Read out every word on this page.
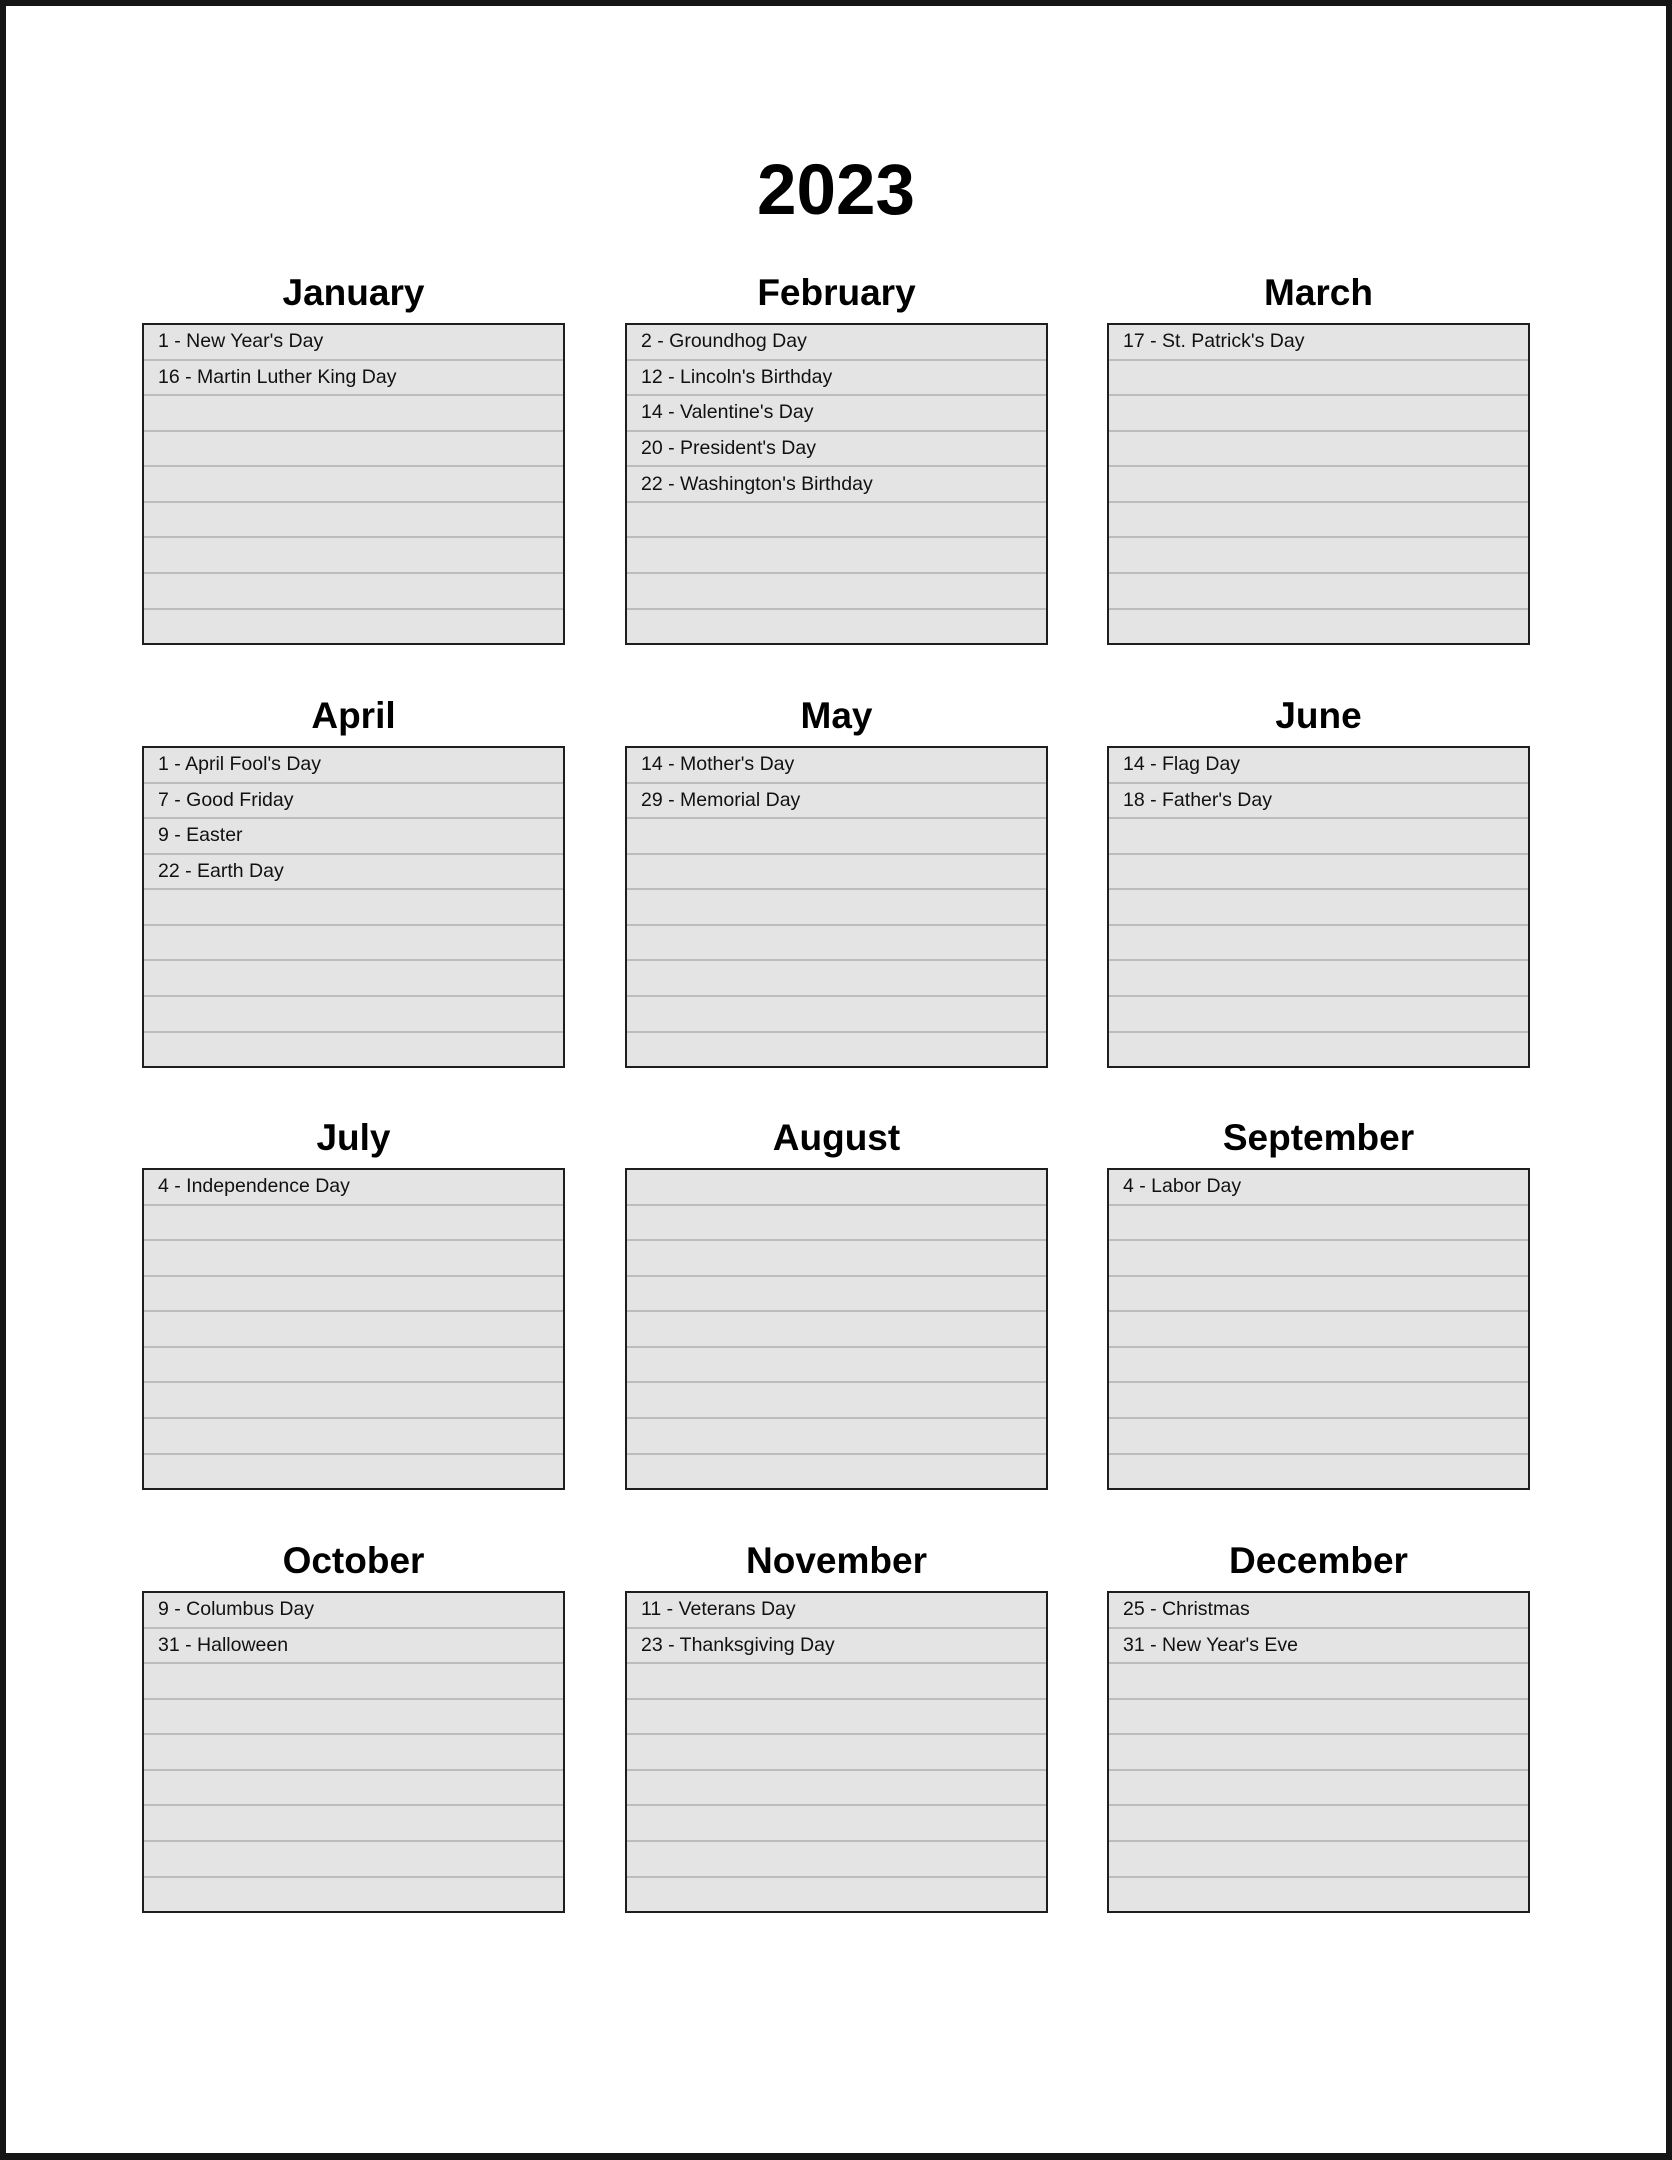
2023
January
1 - New Year's Day
16 - Martin Luther King Day
February
2 - Groundhog Day
12 - Lincoln's Birthday
14 - Valentine's Day
20 - President's Day
22 - Washington's Birthday
March
17 - St. Patrick's Day
April
1 - April Fool's Day
7 - Good Friday
9 - Easter
22 - Earth Day
May
14 - Mother's Day
29 - Memorial Day
June
14 - Flag Day
18 - Father's Day
July
4 - Independence Day
August	September
4 - Labor Day
October
9 - Columbus Day
31 - Halloween
November
11 - Veterans Day
23 - Thanksgiving Day
December
25 - Christmas
31 - New Year's Eve
